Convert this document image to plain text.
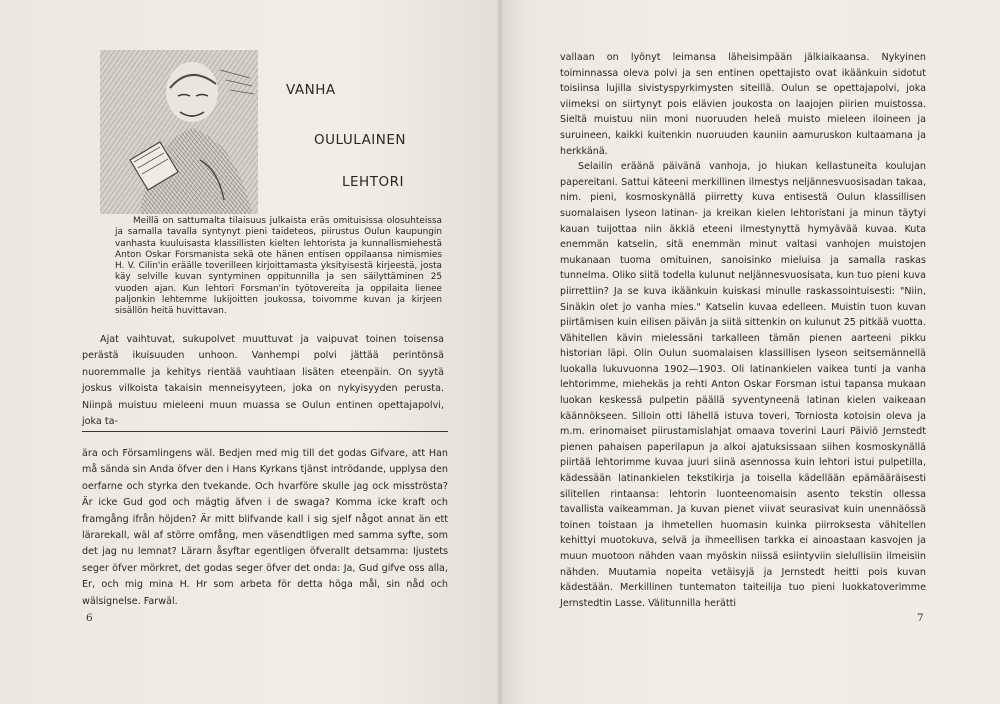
VANHA
OULULAINEN
LEHTORI

Meillä on sattumalta tilaisuus julkaista eräs omituisissa olosuhteissa ja samalla tavalla syntynyt pieni taideteos, piirustus Oulun kaupungin vanhasta kuuluisasta klassillisten kielten lehtorista ja kunnallismiehestä Anton Oskar Forsmanista sekä ote hänen entisen oppilaansa nimismies H. V. Cilin'in eräälle toverilleen kirjoittamasta yksityisestä kirjeestä, josta käy selville kuvan syntyminen oppitunnilla ja sen säilyttäminen 25 vuoden ajan. Kun lehtori Forsman'in työtovereita ja oppilaita lienee paljonkin lehtemme lukijoitten joukossa, toivomme kuvan ja kirjeen sisällön heitä huvittavan.

Ajat vaihtuvat, sukupolvet muuttuvat ja vaipuvat toinen toisensa perästä ikuisuuden unhoon. Vanhempi polvi jättää perintönsä nuoremmalle ja kehitys rientää vauhtiaan lisäten eteenpäin. On syytä joskus vilkoista takaisin menneisyyteen, joka on nykyisyyden perusta. Niinpä muistuu mieleeni muun muassa se Oulun entinen opettajapolvi, joka ta-

ära och Församlingens wäl. Bedjen med mig till det godas Gifvare, att Han må sända sin Anda öfver den i Hans Kyrkans tjänst intrödande, upplysa den oerfarne och styrka den tvekande. Och hvarföre skulle jag ock misströsta? Är icke Gud god och mägtig äfven i de swaga? Komma icke kraft och framgång ifrån höjden? Är mitt blifvande kall i sig sjelf något annat än ett lärarekall, wäl af större omfång, men väsendtligen med samma syfte, som det jag nu lemnat? Lärarn åsyftar egentligen öfverallt detsamma: Ijustets seger öfver mörkret, det godas seger öfver det onda: Ja, Gud gifve oss alla, Er, och mig mina H. Hr som arbeta för detta höga mål, sin nåd och wälsignelse. Farwäl.

6

vallaan on lyönyt leimansa läheisimpään jälkiaikaansa. Nykyinen toiminnassa oleva polvi ja sen entinen opettajisto ovat ikäänkuin sidotut toisiinsa lujilla sivistyspyrkimysten siteillä. Oulun se opettajapolvi, joka viimeksi on siirtynyt pois elävien joukosta on laajojen piirien muistossa. Sieltä muistuu niin moni nuoruuden heleä muisto mieleen iloineen ja suruineen, kaikki kuitenkin nuoruuden kauniin aamuruskon kultaamana ja herkkänä.

Selailin eräänä päivänä vanhoja, jo hiukan kellastuneita koulujan papereitani. Sattui käteeni merkillinen ilmestys neljännesvuosisadan takaa, nim. pieni, kosmoskynällä piirretty kuva entisestä Oulun klassillisen suomalaisen lyseon latinan- ja kreikan kielen lehtoristani ja minun täytyi kauan tuijottaa niin äkkiä eteeni ilmestynyttä hymyävää kuvaa. Kuta enemmän katselin, sitä enemmän minut valtasi vanhojen muistojen mukanaan tuoma omituinen, sanoisinko mieluisa ja samalla raskas tunnelma. Oliko siitä todella kulunut neljännesvuosisata, kun tuo pieni kuva piirrettiin? Ja se kuva ikäänkuin kuiskasi minulle raskassointuisesti: "Niin, Sinäkin olet jo vanha mies." Katselin kuvaa edelleen. Muistin tuon kuvan piirtämisen kuin eilisen päivän ja siitä sittenkin on kulunut 25 pitkää vuotta. Vähitellen kävin mielessäni tarkalleen tämän pienen aarteeni pikku historian läpi. Olin Oulun suomalaisen klassillisen lyseon seitsemännellä luokalla lukuvuonna 1902—1903. Oli latinankielen vaikea tunti ja vanha lehtorimme, miehekäs ja rehti Anton Oskar Forsman istui tapansa mukaan luokan keskessä pulpetin päällä syventyneenä latinan kielen vaikeaan käännökseen. Silloin otti lähellä istuva toveri, Torniosta kotoisin oleva ja m.m. erinomaiset piirustamislahjat omaava toverini Lauri Päiviö Jernstedt pienen pahaisen paperilapun ja alkoi ajatuksissaan siihen kosmoskynällä piirtää lehtorimme kuvaa juuri siinä asennossa kuin lehtori istui pulpetilla, kädessään latinankielen tekstikirja ja toisella kädellään epämääräisesti silitellen rintaansa: lehtorin luonteenomaisin asento tekstin ollessa tavallista vaikeamman. Ja kuvan pienet viivat seurasivat kuin unennäössä toinen toistaan ja ihmetellen huomasin kuinka piirroksesta vähitellen kehittyi muotokuva, selvä ja ihmeellisen tarkka ei ainoastaan kasvojen ja muun muotoon nähden vaan myöskin niissä esiintyviin sielullisiin ilmeisiin nähden. Muutamia nopeita vetäisyjä ja Jernstedt heitti pois kuvan kädestään. Merkillinen tuntematon taiteilija tuo pieni luokkatoverimme Jernstedtin Lasse. Välitunnilla herätti

7
